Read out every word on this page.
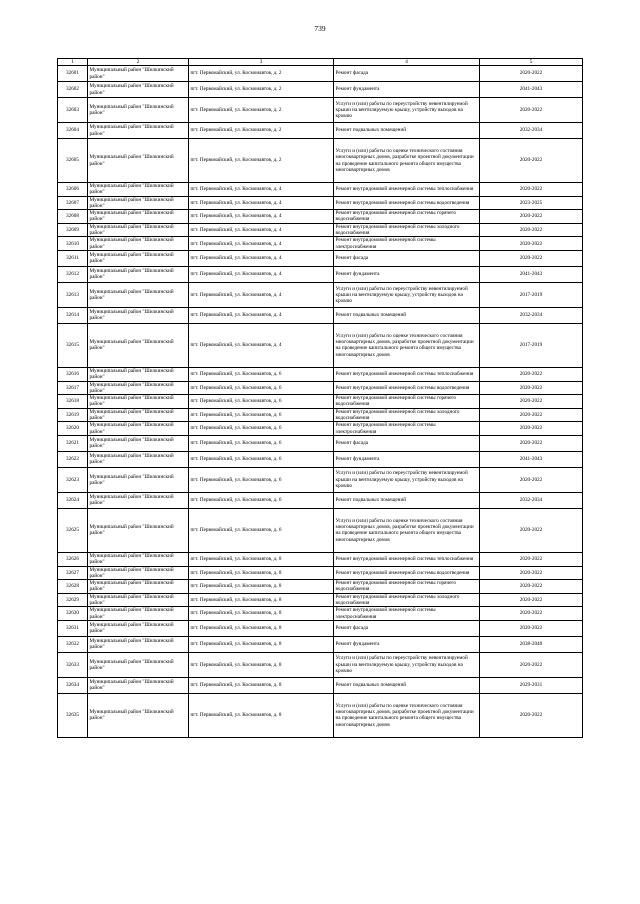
739
1	2	3	4	5
32601	Муниципальный район "Шилкинский район"	пгт. Первомайский, ул. Космонавтов, д. 2	Ремонт фасада	2020-2022
32602	Муниципальный район "Шилкинский район"	пгт. Первомайский, ул. Космонавтов, д. 2	Ремонт фундамента	2041-2043
32603	Муниципальный район "Шилкинский район"	пгт. Первомайский, ул. Космонавтов, д. 2	Услуги и (или) работы по переустройству невентилируемой крыши на вентилируемую крышу, устройству выходов на кровлю	2020-2022
32604	Муниципальный район "Шилкинский район"	пгт. Первомайский, ул. Космонавтов, д. 2	Ремонт подвальных помещений	2032-2034
32605	Муниципальный район "Шилкинский район"	пгт. Первомайский, ул. Космонавтов, д. 2	Услуги и (или) работы по оценке технического состояния многоквартирных домов, разработке проектной документации на проведение капитального ремонта общего имущества многоквартирных домов	2020-2022
32606	Муниципальный район "Шилкинский район"	пгт. Первомайский, ул. Космонавтов, д. 4	Ремонт внутридомовой инженерной системы теплоснабжения	2020-2022
32607	Муниципальный район "Шилкинский район"	пгт. Первомайский, ул. Космонавтов, д. 4	Ремонт внутридомовой инженерной системы водоотведения	2023-2025
32608	Муниципальный район "Шилкинский район"	пгт. Первомайский, ул. Космонавтов, д. 4	Ремонт внутридомовой инженерной системы горячего водоснабжения	2020-2022
32609	Муниципальный район "Шилкинский район"	пгт. Первомайский, ул. Космонавтов, д. 4	Ремонт внутридомовой инженерной системы холодного водоснабжения	2020-2022
32610	Муниципальный район "Шилкинский район"	пгт. Первомайский, ул. Космонавтов, д. 4	Ремонт внутридомовой инженерной системы электроснабжения	2020-2022
32611	Муниципальный район "Шилкинский район"	пгт. Первомайский, ул. Космонавтов, д. 4	Ремонт фасада	2020-2022
32612	Муниципальный район "Шилкинский район"	пгт. Первомайский, ул. Космонавтов, д. 4	Ремонт фундамента	2041-2043
32613	Муниципальный район "Шилкинский район"	пгт. Первомайский, ул. Космонавтов, д. 4	Услуги и (или) работы по переустройству невентилируемой крыши на вентилируемую крышу, устройству выходов на кровлю	2017-2019
32614	Муниципальный район "Шилкинский район"	пгт. Первомайский, ул. Космонавтов, д. 4	Ремонт подвальных помещений	2032-2034
32615	Муниципальный район "Шилкинский район"	пгт. Первомайский, ул. Космонавтов, д. 4	Услуги и (или) работы по оценке технического состояния многоквартирных домов, разработке проектной документации на проведение капитального ремонта общего имущества многоквартирных домов	2017-2019
32616	Муниципальный район "Шилкинский район"	пгт. Первомайский, ул. Космонавтов, д. 6	Ремонт внутридомовой инженерной системы теплоснабжения	2020-2022
32617	Муниципальный район "Шилкинский район"	пгт. Первомайский, ул. Космонавтов, д. 6	Ремонт внутридомовой инженерной системы водоотведения	2020-2022
32618	Муниципальный район "Шилкинский район"	пгт. Первомайский, ул. Космонавтов, д. 6	Ремонт внутридомовой инженерной системы горячего водоснабжения	2020-2022
32619	Муниципальный район "Шилкинский район"	пгт. Первомайский, ул. Космонавтов, д. 6	Ремонт внутридомовой инженерной системы холодного водоснабжения	2020-2022
32620	Муниципальный район "Шилкинский район"	пгт. Первомайский, ул. Космонавтов, д. 6	Ремонт внутридомовой инженерной системы электроснабжения	2020-2022
32621	Муниципальный район "Шилкинский район"	пгт. Первомайский, ул. Космонавтов, д. 6	Ремонт фасада	2020-2022
32622	Муниципальный район "Шилкинский район"	пгт. Первомайский, ул. Космонавтов, д. 6	Ремонт фундамента	2041-2043
32623	Муниципальный район "Шилкинский район"	пгт. Первомайский, ул. Космонавтов, д. 6	Услуги и (или) работы по переустройству невентилируемой крыши на вентилируемую крышу, устройству выходов на кровлю	2020-2022
32624	Муниципальный район "Шилкинский район"	пгт. Первомайский, ул. Космонавтов, д. 6	Ремонт подвальных помещений	2032-2034
32625	Муниципальный район "Шилкинский район"	пгт. Первомайский, ул. Космонавтов, д. 6	Услуги и (или) работы по оценке технического состояния многоквартирных домов, разработке проектной документации на проведение капитального ремонта общего имущества многоквартирных домов	2020-2022
32626	Муниципальный район "Шилкинский район"	пгт. Первомайский, ул. Космонавтов, д. 8	Ремонт внутридомовой инженерной системы теплоснабжения	2020-2022
32627	Муниципальный район "Шилкинский район"	пгт. Первомайский, ул. Космонавтов, д. 8	Ремонт внутридомовой инженерной системы водоотведения	2020-2022
32628	Муниципальный район "Шилкинский район"	пгт. Первомайский, ул. Космонавтов, д. 8	Ремонт внутридомовой инженерной системы горячего водоснабжения	2020-2022
32629	Муниципальный район "Шилкинский район"	пгт. Первомайский, ул. Космонавтов, д. 8	Ремонт внутридомовой инженерной системы холодного водоснабжения	2020-2022
32630	Муниципальный район "Шилкинский район"	пгт. Первомайский, ул. Космонавтов, д. 8	Ремонт внутридомовой инженерной системы электроснабжения	2020-2022
32631	Муниципальный район "Шилкинский район"	пгт. Первомайский, ул. Космонавтов, д. 8	Ремонт фасада	2020-2022
32632	Муниципальный район "Шилкинский район"	пгт. Первомайский, ул. Космонавтов, д. 8	Ремонт фундамента	2038-2040
32633	Муниципальный район "Шилкинский район"	пгт. Первомайский, ул. Космонавтов, д. 8	Услуги и (или) работы по переустройству невентилируемой крыши на вентилируемую крышу, устройству выходов на кровлю	2020-2022
32634	Муниципальный район "Шилкинский район"	пгт. Первомайский, ул. Космонавтов, д. 8	Ремонт подвальных помещений	2029-2031
32635	Муниципальный район "Шилкинский район"	пгт. Первомайский, ул. Космонавтов, д. 8	Услуги и (или) работы по оценке технического состояния многоквартирных домов, разработке проектной документации на проведение капитального ремонта общего имущества многоквартирных домов	2020-2022
